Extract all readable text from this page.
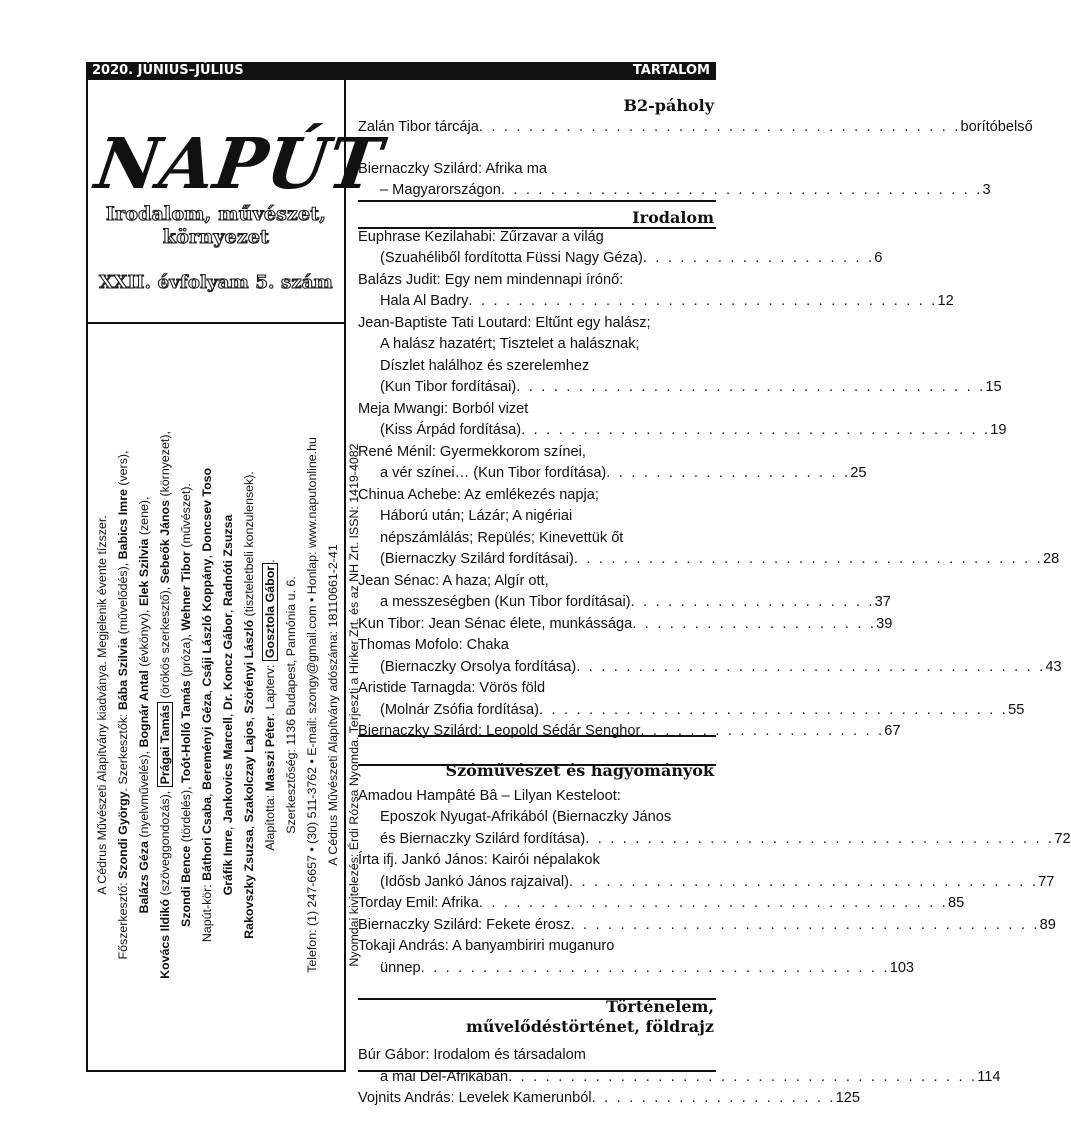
2020. JÚNIUS–JÚLIUS	TARTALOM
NAPÚT
Irodalom, művészet,
környezet
XXII. évfolyam 5. szám
A Cédrus Művészeti Alapítvány kiadványa. Megjelenik évente tízszer.
Főszerkesztő: Szondi György. Szerkesztők: Bába Szilvia (művelődés), Babics Imre (vers),
Balázs Géza (nyelvművelés), Bognár Antal (évkönyv), Elek Szilvia (zene),
Kovács Ildikó (szöveggondozás), Prágai Tamás (örökös szerkesztő), Sebeők János (környezet),
Szondi Bence (tördelés), Toót-Holló Tamás (próza), Wehner Tibor (művészet).
Napút-kör: Báthori Csaba, Bereményi Géza, Csáji László Koppány, Doncsev Toso
Gráfik Imre, Jankovics Marcell, Dr. Koncz Gábor, Radnóti Zsuzsa
Rakovszky Zsuzsa, Szakolczay Lajos, Szörényi László (tiszteletbeli konzulensek).
Alapította: Masszi Péter. Lapterv: Gosztola Gábor.
Szerkesztőség: 1136 Budapest, Pannónia u. 6. Telefon: (1) 247-6657 • (30) 511-3762 • E-mail: szongy@gmail.com • Honlap: www.naputonline.hu A Cédrus Művészeti Alapítvány adószáma: 18110661-2-41 Nyomdai kivitelezés: Érdi Rózsa Nyomda. Terjeszti a Hírker Zrt. és az NH Zrt. ISSN: 1419-4082
B2-páholy
Zalán Tibor tárcája . . . . . . . . . . . . . . . . . . . . . . . . . . . . . . . . . . . . . . . borítóbelső
Biernaczky Szilárd: Afrika ma
– Magyarországon . . . . . . . . . . . . . . . . . . . . . . . . . . . . . . . . . . . . . . . 3
Irodalom
Euphrase Kezilahabi: Zűrzavar a világ
(Szuahéliből fordította Füssi Nagy Géza) . . . . . . . . . . . . . . . . . . . 6
Balázs Judit: Egy nem mindennapi írónő:
Hala Al Badry . . . . . . . . . . . . . . . . . . . . . . . . . . . . . . . . . . . . . . 12
Jean-Baptiste Tati Loutard: Eltűnt egy halász;
A halász hazatért; Tisztelet a halásznak;
Díszlet halálhoz és szerelemhez
(Kun Tibor fordításai) . . . . . . . . . . . . . . . . . . . . . . . . . . . . . . . . . . . . . . 15
Meja Mwangi: Borból vizet
(Kiss Árpád fordítása) . . . . . . . . . . . . . . . . . . . . . . . . . . . . . . . . . . . . . . 19
René Ménil: Gyermekkorom színei,
a vér színei… (Kun Tibor fordítása) . . . . . . . . . . . . . . . . . . . . 25
Chinua Achebe: Az emlékezés napja;
Háború után; Lázár; A nigériai
népszámlálás; Repülés; Kinevettük őt
(Biernaczky Szilárd fordításai) . . . . . . . . . . . . . . . . . . . . . . . . . . . . . . . . . . . . . . 28
Jean Sénac: A haza; Algír ott,
a messzeségben (Kun Tibor fordításai) . . . . . . . . . . . . . . . . . . . . 37
Kun Tibor: Jean Sénac élete, munkássága . . . . . . . . . . . . . . . . . . . . 39
Thomas Mofolo: Chaka
(Biernaczky Orsolya fordítása) . . . . . . . . . . . . . . . . . . . . . . . . . . . . . . . . . . . . . . 43
Aristide Tarnagda: Vörös föld
(Molnár Zsófia fordítása) . . . . . . . . . . . . . . . . . . . . . . . . . . . . . . . . . . . . . . 55
Biernaczky Szilárd: Leopold Sédár Senghor . . . . . . . . . . . . . . . . . . . . 67
Szóművészet és hagyományok
Amadou Hampâté Bâ – Lilyan Kesteloot:
Eposzok Nyugat-Afrikából (Biernaczky János
és Biernaczky Szilárd fordítása) . . . . . . . . . . . . . . . . . . . . . . . . . . . . . . . . . . . . . . 72
Írta ifj. Jankó János: Kairói népalakok
(Idősb Jankó János rajzaival) . . . . . . . . . . . . . . . . . . . . . . . . . . . . . . . . . . . . . . 77
Torday Emil: Afrika . . . . . . . . . . . . . . . . . . . . . . . . . . . . . . . . . . . . . . 85
Biernaczky Szilárd: Fekete érosz . . . . . . . . . . . . . . . . . . . . . . . . . . . . . . . . . . . . . . 89
Tokaji András: A banyambiriri muganuro
ünnep . . . . . . . . . . . . . . . . . . . . . . . . . . . . . . . . . . . . . . 103
Történelem,
művelődéstörténet, földrajz
Búr Gábor: Irodalom és társadalom
a mai Dél-Afrikában . . . . . . . . . . . . . . . . . . . . . . . . . . . . . . . . . . . . . . 114
Vojnits András: Levelek Kamerunból . . . . . . . . . . . . . . . . . . . . 125
